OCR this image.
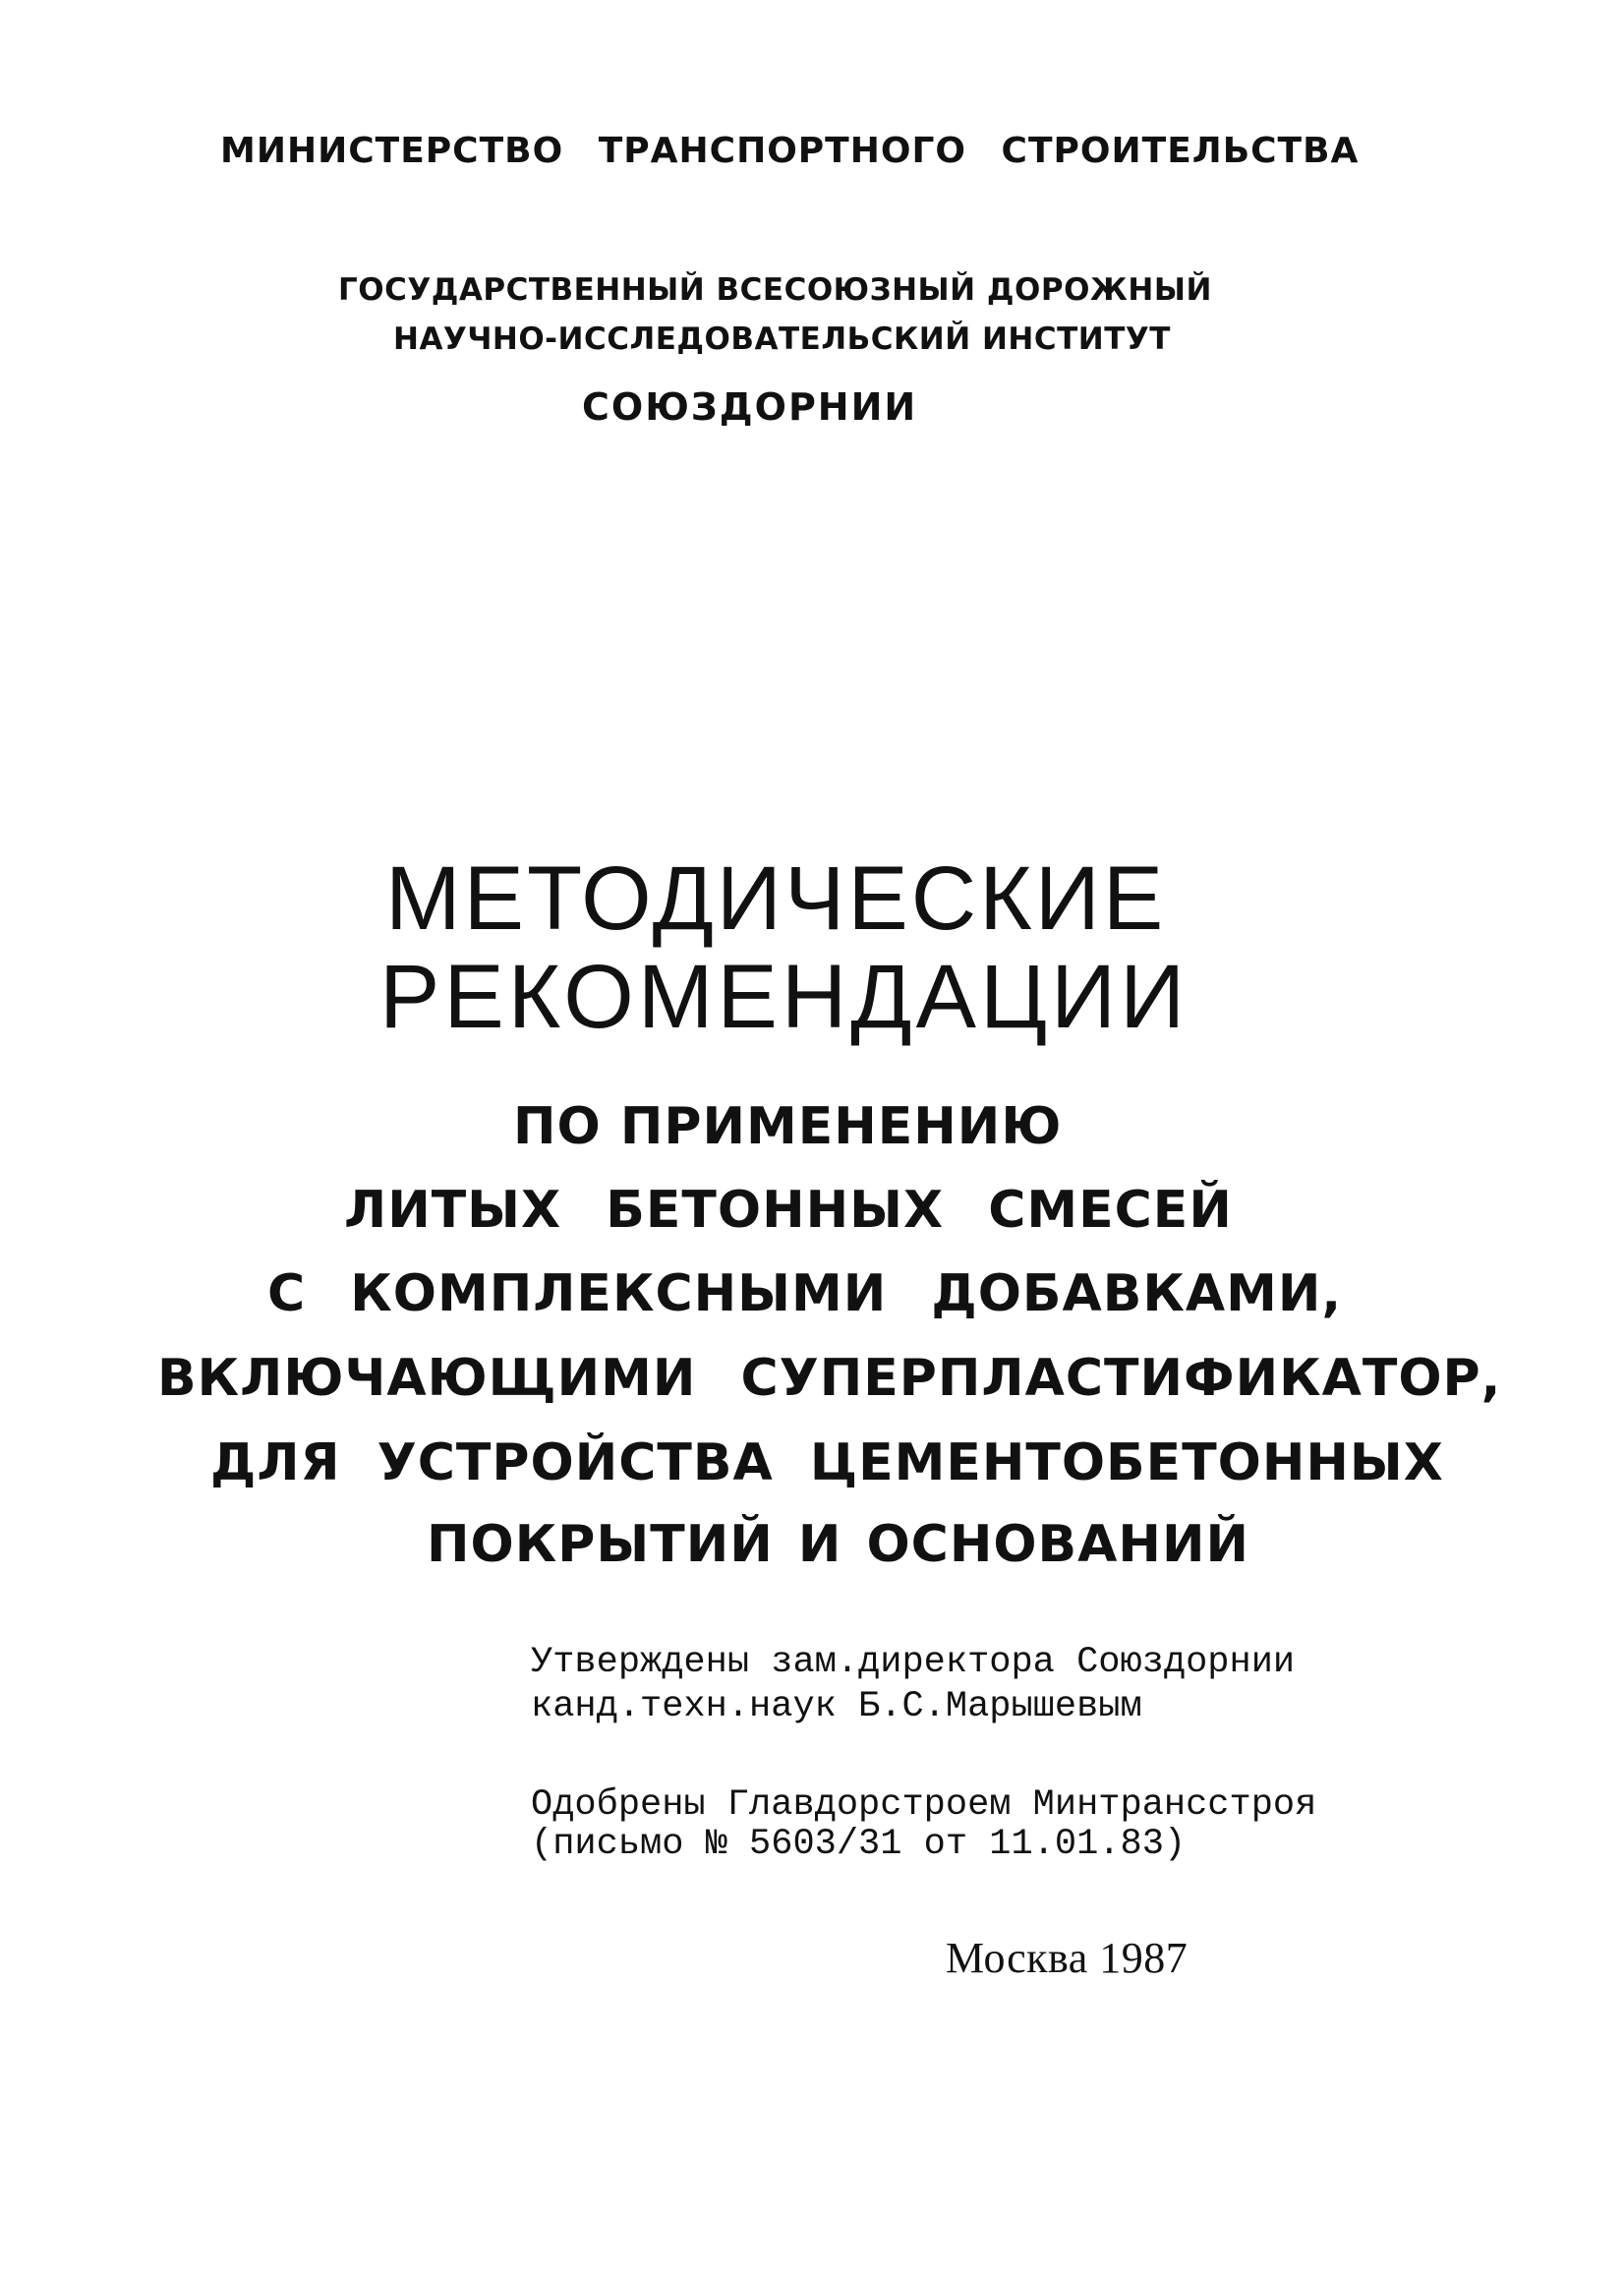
МИНИСТЕРСТВО ТРАНСПОРТНОГО СТРОИТЕЛЬСТВА

ГОСУДАРСТВЕННЫЙ ВСЕСОЮЗНЫЙ ДОРОЖНЫЙ

НАУЧНО-ИССЛЕДОВАТЕЛЬСКИЙ ИНСТИТУТ

СОЮЗДОРНИИ

МЕТОДИЧЕСКИЕ
РЕКОМЕНДАЦИИ

ПО ПРИМЕНЕНИЮ

ЛИТЫХ БЕТОННЫХ СМЕСЕЙ

С КОМПЛЕКСНЫМИ ДОБАВКАМИ,

ВКЛЮЧАЮЩИМИ СУПЕРПЛАСТИФИКАТОР,

ДЛЯ УСТРОЙСТВА ЦЕМЕНТОБЕТОННЫХ

ПОКРЫТИЙ И ОСНОВАНИЙ

Утверждены зам.директора Союздорнии

канд.техн.наук Б.С.Марышевым

Одобрены Главдорстроем Минтрансстроя

(письмо № 5603/31 от 11.01.83)

Москва 1987
